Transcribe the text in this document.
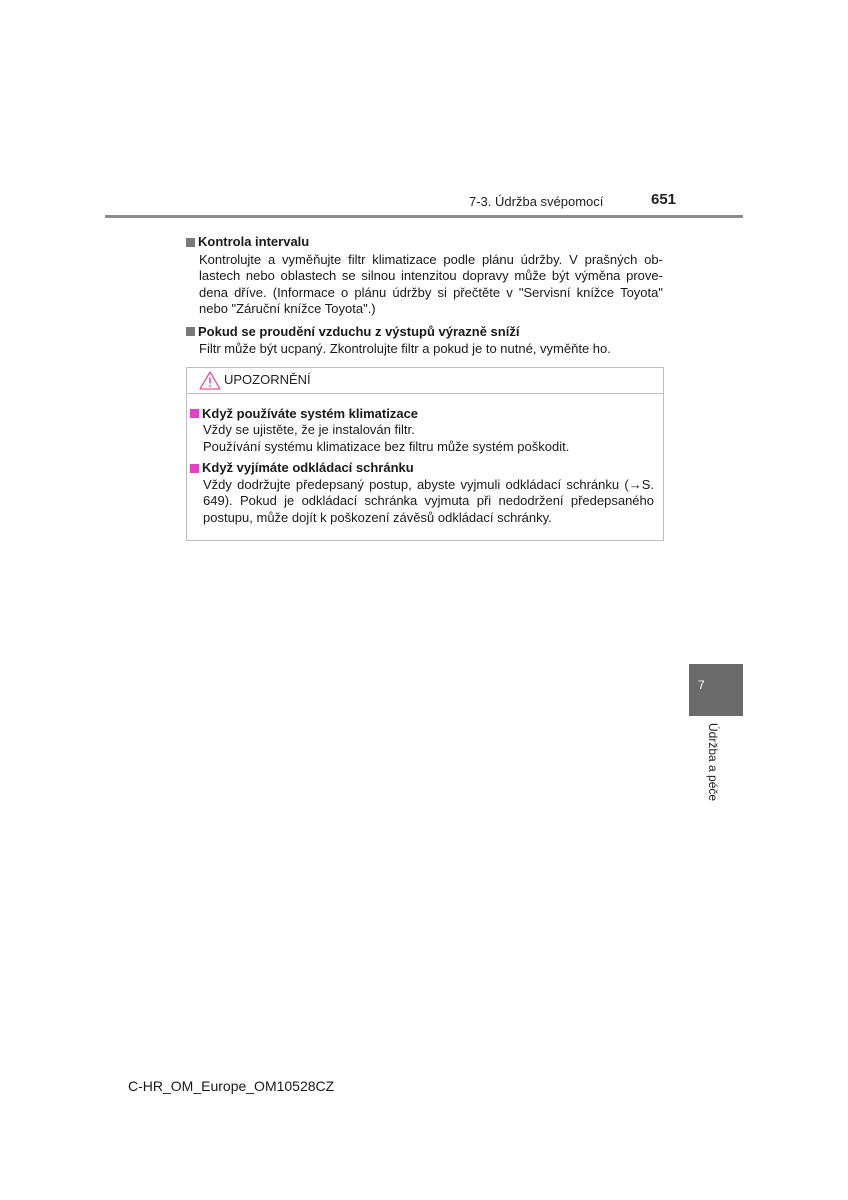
7-3. Údržba svépomocí	651
Kontrola intervalu

Kontrolujte a vyměňujte filtr klimatizace podle plánu údržby. V prašných oblastech nebo oblastech se silnou intenzitou dopravy může být výměna provedena dříve. (Informace o plánu údržby si přečtěte v "Servisní knížce Toyota" nebo "Záruční knížce Toyota".)

Pokud se proudění vzduchu z výstupů výrazně sníží

Filtr může být ucpaný. Zkontrolujte filtr a pokud je to nutné, vyměňte ho.

UPOZORNĚNÍ
Když používáte systém klimatizace

Vždy se ujistěte, že je instalován filtr.

Používání systému klimatizace bez filtru může systém poškodit.

Když vyjímáte odkládací schránku

Vždy dodržujte předepsaný postup, abyste vyjmuli odkládací schránku (→S. 649). Pokud je odkládací schránka vyjmuta při nedodržení předepsaného postupu, může dojít k poškození závěsů odkládací schránky.

7
Údržba a péče
C-HR_OM_Europe_OM10528CZ
